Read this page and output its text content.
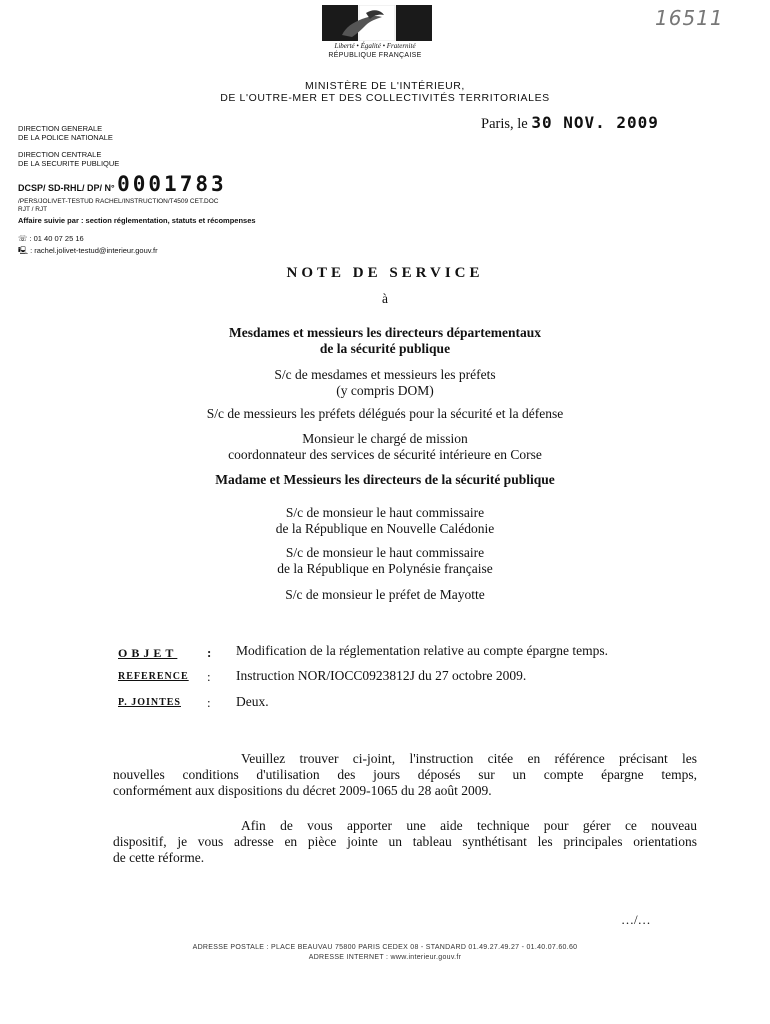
16511
Liberté • Égalité • Fraternité
RÉPUBLIQUE FRANÇAISE
MINISTÈRE DE L'INTÉRIEUR,
DE L'OUTRE-MER ET DES COLLECTIVITÉS TERRITORIALES
Paris, le 30 NOV. 2009
DIRECTION GENERALE
DE LA POLICE NATIONALE
DIRECTION CENTRALE
DE LA SECURITE PUBLIQUE
DCSP/ SD-RHL/ DP/ N° 0001783
/PERS/JOLIVET-TESTUD RACHEL/INSTRUCTION/T4509 CET.DOC
RJT / RJT
Affaire suivie par : section réglementation, statuts et récompenses
☏ : 01 40 07 25 16
🖳 : rachel.jolivet-testud@interieur.gouv.fr
NOTE DE SERVICE
à
Mesdames et messieurs les directeurs départementaux
de la sécurité publique
S/c de mesdames et messieurs les préfets
(y compris DOM)
S/c de messieurs les préfets délégués pour la sécurité et la défense
Monsieur le chargé de mission
coordonnateur des services de sécurité intérieure en Corse
Madame et Messieurs les directeurs de la sécurité publique
S/c de monsieur le haut commissaire
de la République en Nouvelle Calédonie
S/c de monsieur le haut commissaire
de la République en Polynésie française
S/c de monsieur le préfet de Mayotte
OBJET : Modification de la réglementation relative au compte épargne temps.
REFERENCE : Instruction NOR/IOCC0923812J du 27 octobre 2009.
P. JOINTES : Deux.
Veuillez trouver ci-joint, l'instruction citée en référence précisant les
nouvelles conditions d'utilisation des jours déposés sur un compte épargne temps,
conformément aux dispositions du décret 2009-1065 du 28 août 2009.
Afin de vous apporter une aide technique pour gérer ce nouveau
dispositif, je vous adresse en pièce jointe un tableau synthétisant les principales orientations
de cette réforme.
…/…
ADRESSE POSTALE : PLACE BEAUVAU 75800 PARIS CEDEX 08 - STANDARD 01.49.27.49.27 - 01.40.07.60.60
ADRESSE INTERNET : www.interieur.gouv.fr
